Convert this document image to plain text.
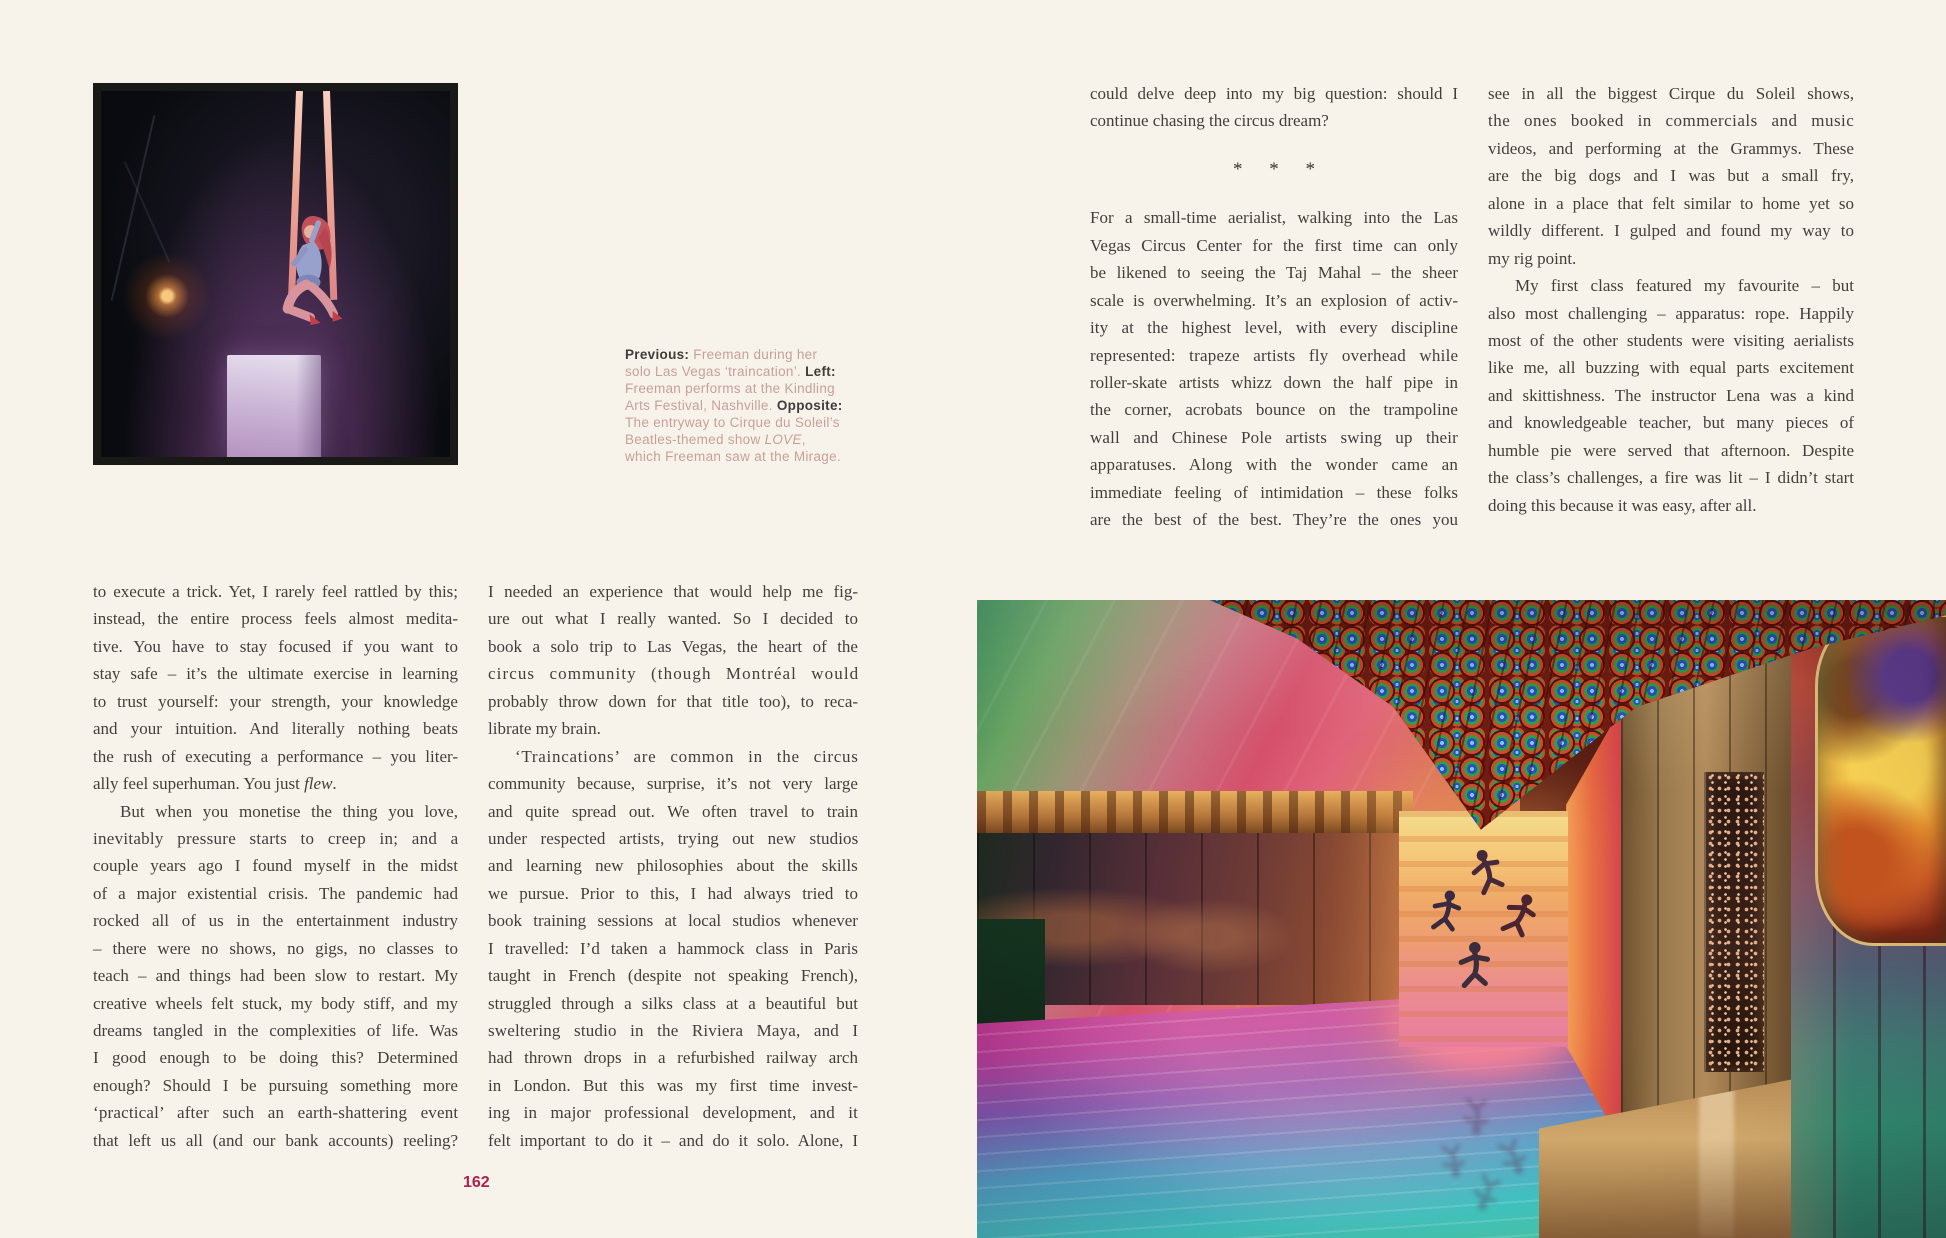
Previous: Freeman during her
solo Las Vegas ‘traincation’. Left:
Freeman performs at the Kindling
Arts Festival, Nashville. Opposite:
The entryway to Cirque du Soleil’s
Beatles-themed show LOVE,
which Freeman saw at the Mirage.
to execute a trick. Yet, I rarely feel rattled by this;
instead, the entire process feels almost medita-
tive. You have to stay focused if you want to
stay safe – it’s the ultimate exercise in learning
to trust yourself: your strength, your knowledge
and your intuition. And literally nothing beats
the rush of executing a performance – you liter-
ally feel superhuman. You just flew.
But when you monetise the thing you love,
inevitably pressure starts to creep in; and a
couple years ago I found myself in the midst
of a major existential crisis. The pandemic had
rocked all of us in the entertainment industry
– there were no shows, no gigs, no classes to
teach – and things had been slow to restart. My
creative wheels felt stuck, my body stiff, and my
dreams tangled in the complexities of life. Was
I good enough to be doing this? Determined
enough? Should I be pursuing something more
‘practical’ after such an earth-shattering event
that left us all (and our bank accounts) reeling?
I needed an experience that would help me fig-
ure out what I really wanted. So I decided to
book a solo trip to Las Vegas, the heart of the
circus community (though Montréal would
probably throw down for that title too), to reca-
librate my brain.
‘Traincations’ are common in the circus
community because, surprise, it’s not very large
and quite spread out. We often travel to train
under respected artists, trying out new studios
and learning new philosophies about the skills
we pursue. Prior to this, I had always tried to
book training sessions at local studios whenever
I travelled: I’d taken a hammock class in Paris
taught in French (despite not speaking French),
struggled through a silks class at a beautiful but
sweltering studio in the Riviera Maya, and I
had thrown drops in a refurbished railway arch
in London. But this was my first time invest-
ing in major professional development, and it
felt important to do it – and do it solo. Alone, I
162
could delve deep into my big question: should I
continue chasing the circus dream?
* * *
For a small-time aerialist, walking into the Las
Vegas Circus Center for the first time can only
be likened to seeing the Taj Mahal – the sheer
scale is overwhelming. It’s an explosion of activ-
ity at the highest level, with every discipline
represented: trapeze artists fly overhead while
roller-skate artists whizz down the half pipe in
the corner, acrobats bounce on the trampoline
wall and Chinese Pole artists swing up their
apparatuses. Along with the wonder came an
immediate feeling of intimidation – these folks
are the best of the best. They’re the ones you
see in all the biggest Cirque du Soleil shows,
the ones booked in commercials and music
videos, and performing at the Grammys. These
are the big dogs and I was but a small fry,
alone in a place that felt similar to home yet so
wildly different. I gulped and found my way to
my rig point.
My first class featured my favourite – but
also most challenging – apparatus: rope. Happily
most of the other students were visiting aerialists
like me, all buzzing with equal parts excitement
and skittishness. The instructor Lena was a kind
and knowledgeable teacher, but many pieces of
humble pie were served that afternoon. Despite
the class’s challenges, a fire was lit – I didn’t start
doing this because it was easy, after all.
